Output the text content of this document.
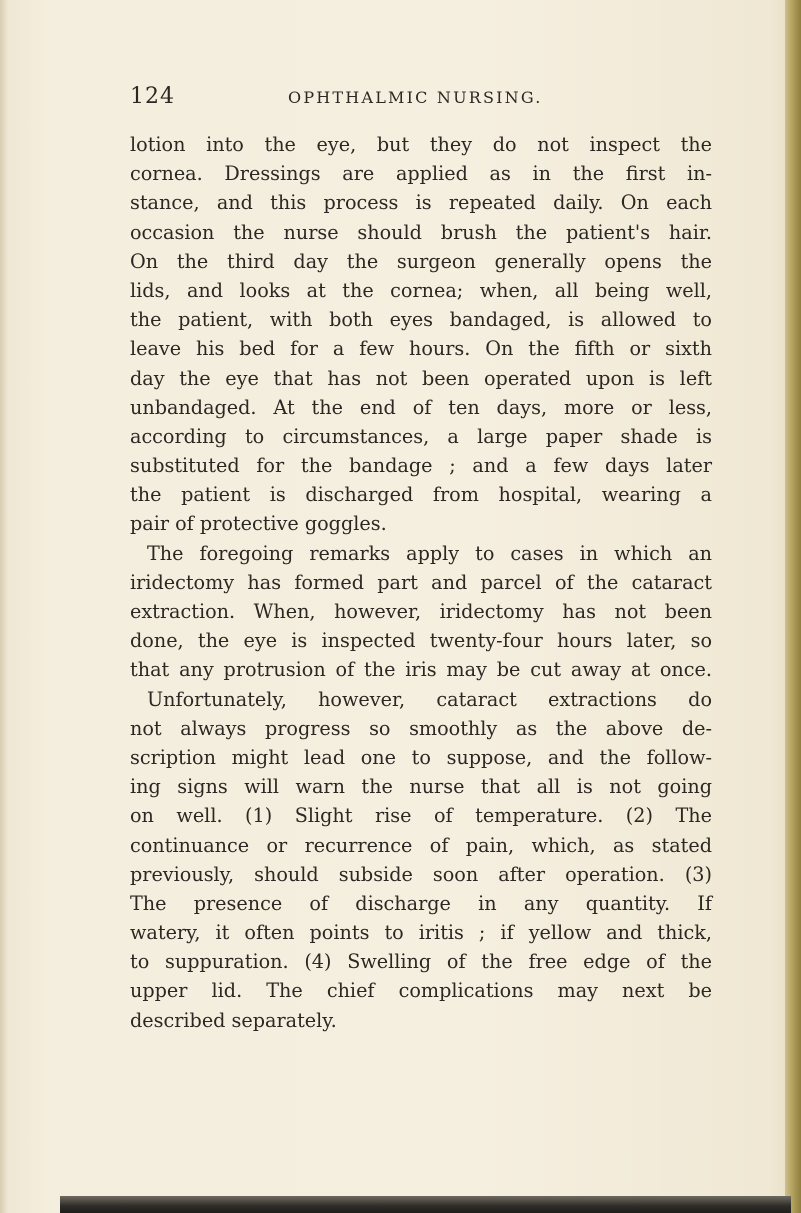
124	OPHTHALMIC NURSING.
lotion into the eye, but they do not inspect the
cornea. Dressings are applied as in the first in-
stance, and this process is repeated daily. On each
occasion the nurse should brush the patient's hair.
On the third day the surgeon generally opens the
lids, and looks at the cornea; when, all being well,
the patient, with both eyes bandaged, is allowed to
leave his bed for a few hours. On the fifth or sixth
day the eye that has not been operated upon is left
unbandaged. At the end of ten days, more or less,
according to circumstances, a large paper shade is
substituted for the bandage ; and a few days later
the patient is discharged from hospital, wearing a
pair of protective goggles.
The foregoing remarks apply to cases in which an
iridectomy has formed part and parcel of the cataract
extraction. When, however, iridectomy has not been
done, the eye is inspected twenty-four hours later, so
that any protrusion of the iris may be cut away at once.
Unfortunately, however, cataract extractions do
not always progress so smoothly as the above de-
scription might lead one to suppose, and the follow-
ing signs will warn the nurse that all is not going
on well. (1) Slight rise of temperature. (2) The
continuance or recurrence of pain, which, as stated
previously, should subside soon after operation. (3)
The presence of discharge in any quantity. If
watery, it often points to iritis ; if yellow and thick,
to suppuration. (4) Swelling of the free edge of the
upper lid. The chief complications may next be
described separately.
